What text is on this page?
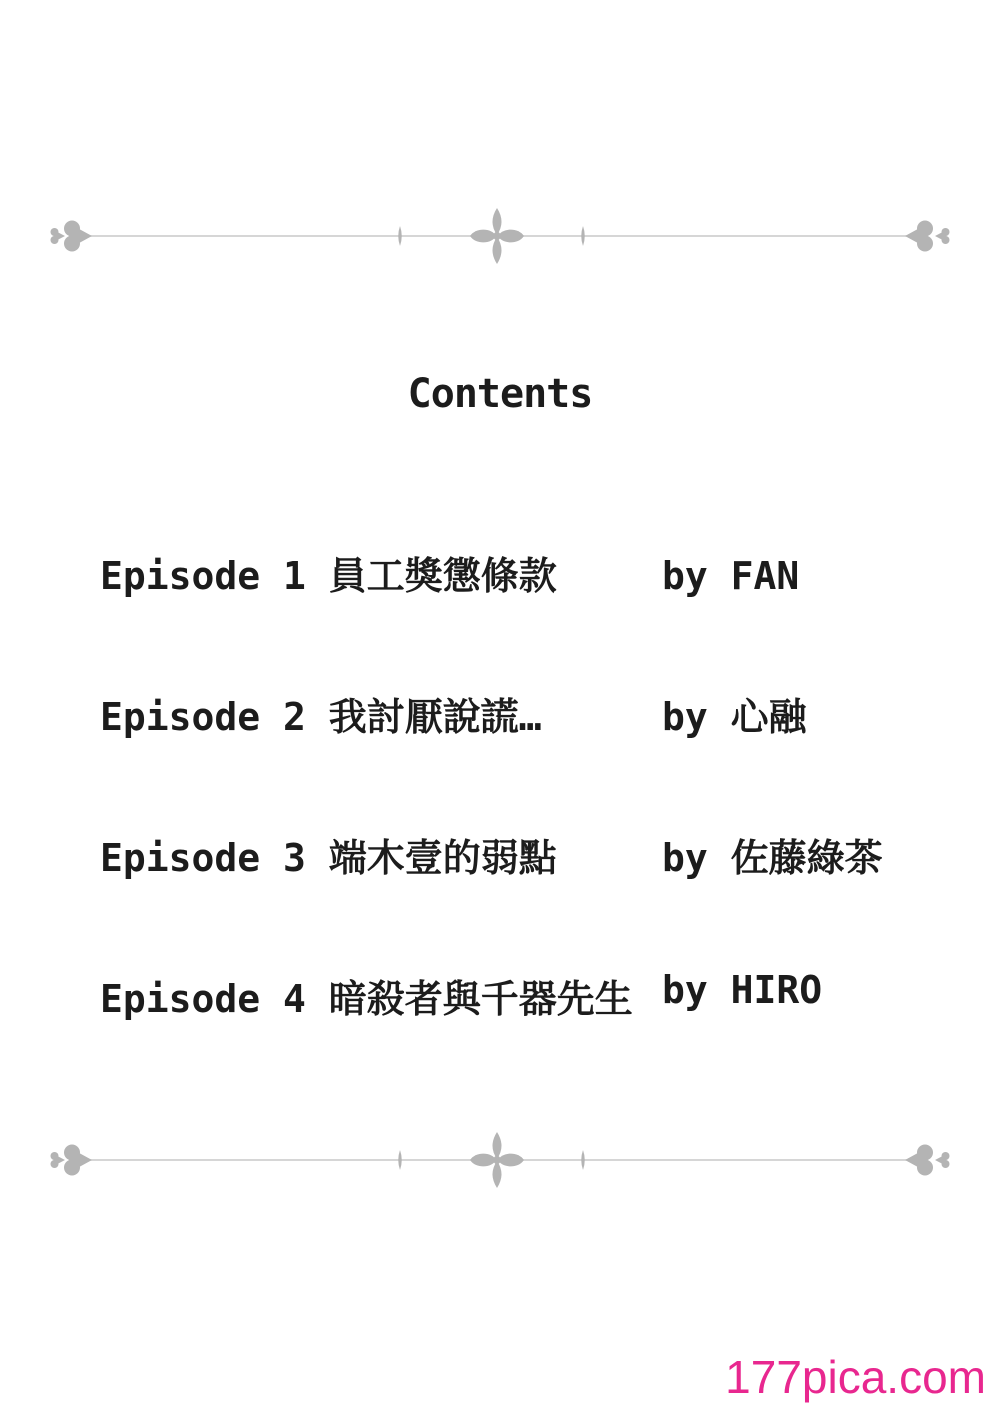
Contents
Episode 1 員工獎懲條款	by FAN
Episode 2 我討厭說謊…	by 心融
Episode 3 端木壹的弱點	by 佐藤綠茶
Episode 4 暗殺者與千器先生 by HIRO
177pica.com
